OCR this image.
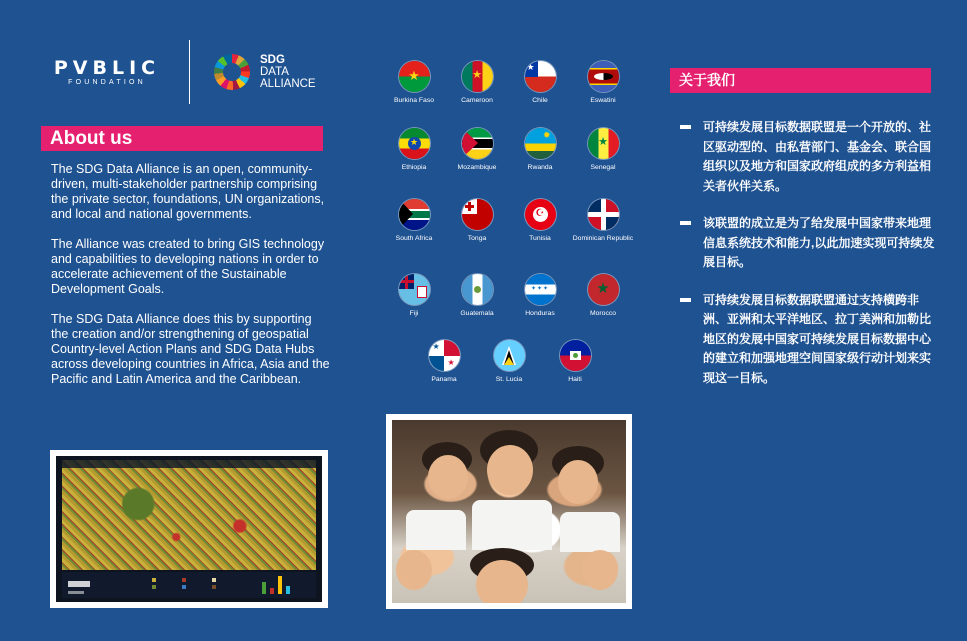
PVBLIC
FOUNDATION
SDG
DATA
ALLIANCE
About us

The SDG Data Alliance is an open, community-driven, multi-stakeholder partnership comprising the private sector, foundations, UN organizations, and local and national governments.

The Alliance was created to bring GIS technology and capabilities to developing nations in order to accelerate achievement of the Sustainable Development Goals.

The SDG Data Alliance does this by supporting the creation and/or strengthening of geospatial Country-level Action Plans and SDG Data Hubs across developing countries in Africa, Asia and the Pacific and Latin America and the Caribbean.

★
Burkina Faso
★
Cameroon
★
Chile	Eswatini
★
Ethiopia	Mozambique
✹
Rwanda
★
Senegal
South Africa	Tonga
☪
Tunisia	Dominican Republic
Fiji	Guatemala
✦✦✦
Honduras
★
Morocco
★
★
Panama	St. Lucia	Haiti
关于我们
可持续发展目标数据联盟是一个开放的、社区驱动型的、由私营部门、基金会、联合国组织以及地方和国家政府组成的多方利益相关者伙伴关系。
该联盟的成立是为了给发展中国家带来地理信息系统技术和能力,以此加速实现可持续发展目标。
可持续发展目标数据联盟通过支持横跨非洲、亚洲和太平洋地区、拉丁美洲和加勒比地区的发展中国家可持续发展目标数据中心的建立和加强地理空间国家级行动计划来实现这一目标。
